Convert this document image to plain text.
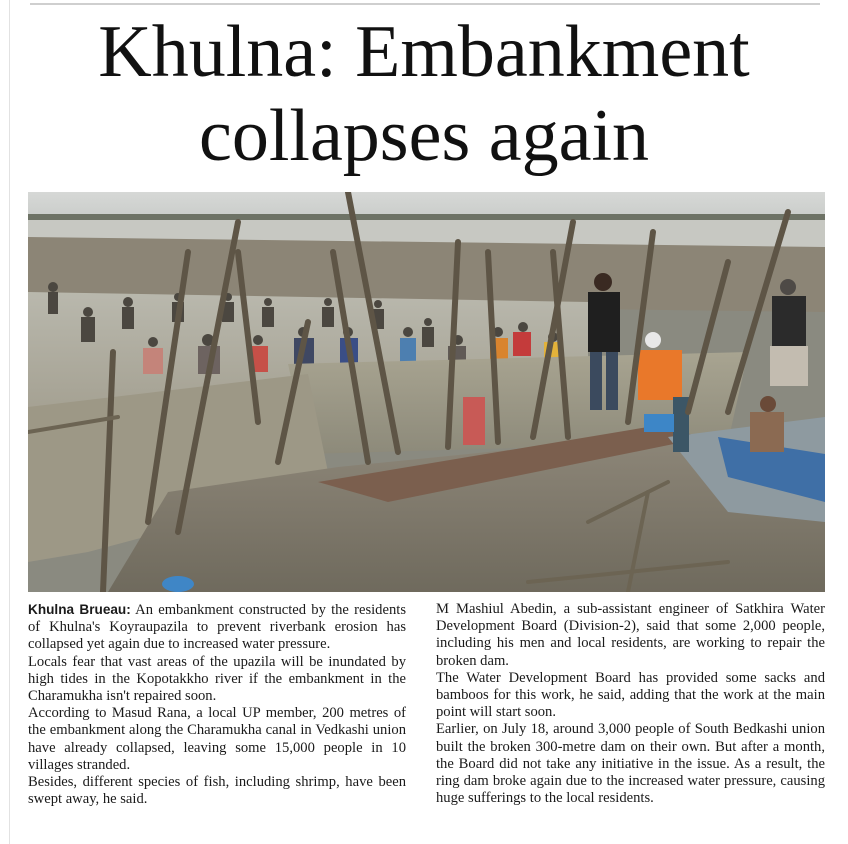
Khulna: Embankment collapses again

Khulna Brueau: An embankment constructed by the residents of Khulna's Koyraupazila to prevent riverbank erosion has collapsed yet again due to increased water pressure.

Locals fear that vast areas of the upazila will be inundated by high tides in the Kopotakkho river if the embankment in the Charamukha isn't repaired soon.

According to Masud Rana, a local UP member, 200 metres of the embankment along the Charamukha canal in Vedkashi union have already collapsed, leaving some 15,000 people in 10 villages stranded.

Besides, different species of fish, including shrimp, have been swept away, he said.

M Mashiul Abedin, a sub-assistant engineer of Satkhira Water Development Board (Division-2), said that some 2,000 people, including his men and local residents, are working to repair the broken dam.

The Water Development Board has provided some sacks and bamboos for this work, he said, adding that the work at the main point will start soon.

Earlier, on July 18, around 3,000 people of South Bedkashi union built the broken 300-metre dam on their own. But after a month, the Board did not take any initiative in the issue. As a result, the ring dam broke again due to the increased water pressure, causing huge sufferings to the local residents.
